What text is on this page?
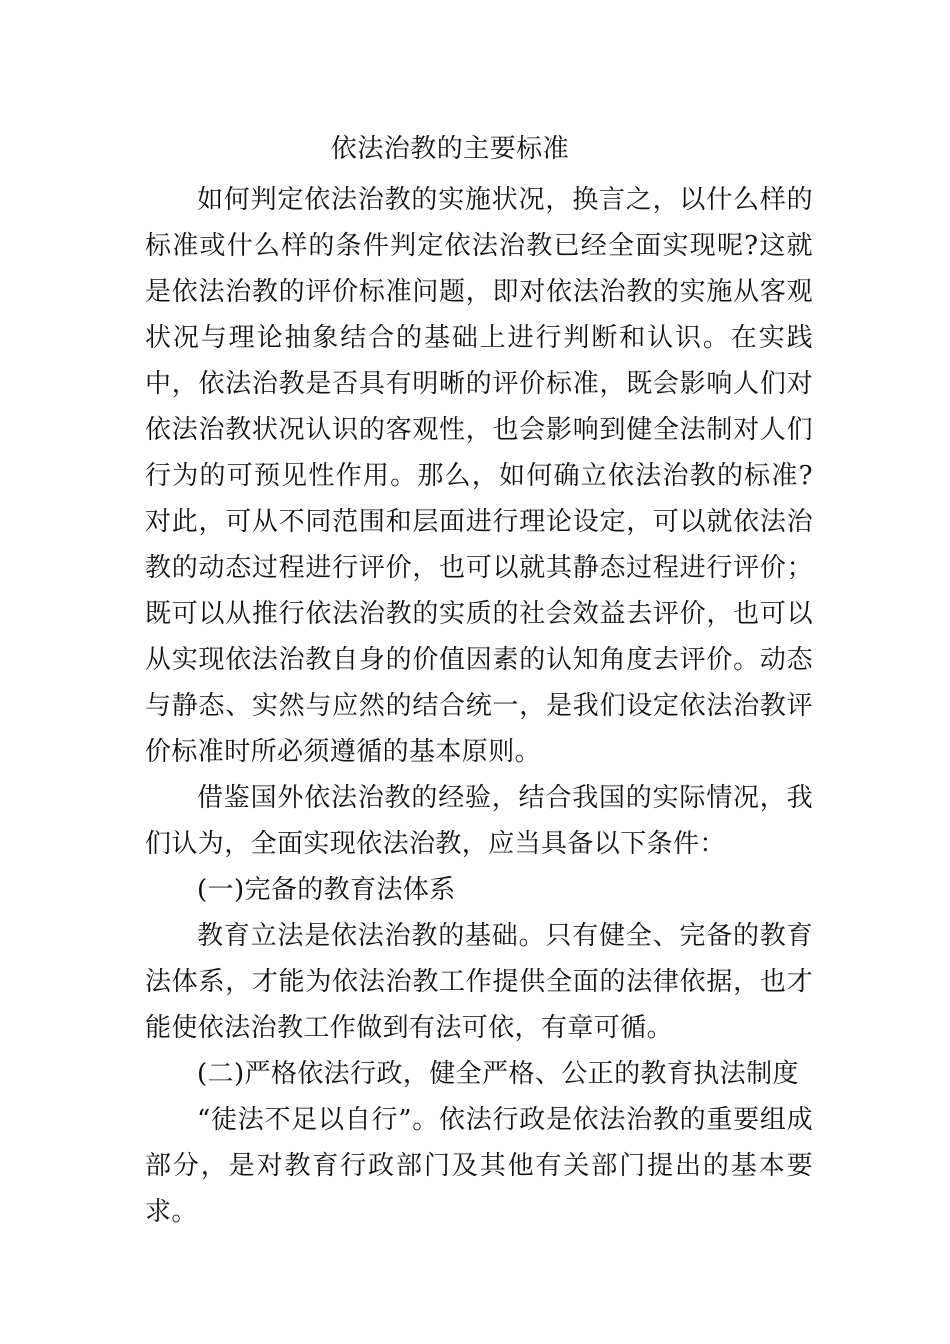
依法治教的主要标准

如何判定依法治教的实施状况，换言之，以什么样的标准或什么样的条件判定依法治教已经全面实现呢?这就是依法治教的评价标准问题，即对依法治教的实施从客观状况与理论抽象结合的基础上进行判断和认识。在实践中，依法治教是否具有明晰的评价标准，既会影响人们对依法治教状况认识的客观性，也会影响到健全法制对人们行为的可预见性作用。那么，如何确立依法治教的标准?对此，可从不同范围和层面进行理论设定，可以就依法治教的动态过程进行评价，也可以就其静态过程进行评价；既可以从推行依法治教的实质的社会效益去评价，也可以从实现依法治教自身的价值因素的认知角度去评价。动态与静态、实然与应然的结合统一，是我们设定依法治教评价标准时所必须遵循的基本原则。

借鉴国外依法治教的经验，结合我国的实际情况，我们认为，全面实现依法治教，应当具备以下条件：

(一)完备的教育法体系

教育立法是依法治教的基础。只有健全、完备的教育法体系，才能为依法治教工作提供全面的法律依据，也才能使依法治教工作做到有法可依，有章可循。

(二)严格依法行政，健全严格、公正的教育执法制度

“徒法不足以自行”。依法行政是依法治教的重要组成部分，是对教育行政部门及其他有关部门提出的基本要求。
